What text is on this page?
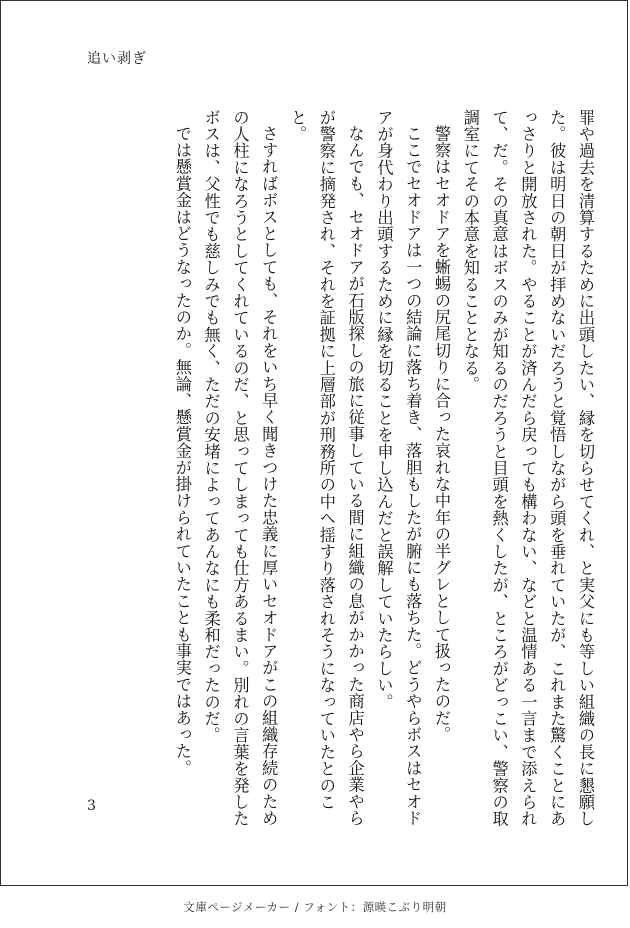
追い剥ぎ

罪や過去を清算するために出頭したい、縁を切らせてくれ、と実父にも等しい組織の長に懇願した。彼は明日の朝日が拝めないだろうと覚悟しながら頭を垂れていたが、これまた驚くことにあっさりと開放された。やることが済んだら戻っても構わない、などと温情ある一言まで添えられて、だ。その真意はボスのみが知るのだろうと目頭を熱くしたが、ところがどっこい、警察の取調室にてその本意を知ることとなる。

警察はセオドアを蜥蜴の尻尾切りに合った哀れな中年の半グレとして扱ったのだ。

ここでセオドアは一つの結論に落ち着き、落胆もしたが腑にも落ちた。どうやらボスはセオドアが身代わり出頭するために縁を切ることを申し込んだと誤解していたらしい。

なんでも、セオドアが石版探しの旅に従事している間に組織の息がかかった商店やら企業やらが警察に摘発され、それを証拠に上層部が刑務所の中へ揺すり落されそうになっていたとのこと。

さすればボスとしても、それをいち早く聞きつけた忠義に厚いセオドアがこの組織存続のための人柱になろうとしてくれているのだ、と思ってしまっても仕方あるまい。別れの言葉を発したボスは、父性でも慈しみでも無く、ただの安堵によってあんなにも柔和だったのだ。

では懸賞金はどうなったのか。無論、懸賞金が掛けられていたことも事実ではあった。

3
文庫ページメーカー / フォント：源暎こぶり明朝
